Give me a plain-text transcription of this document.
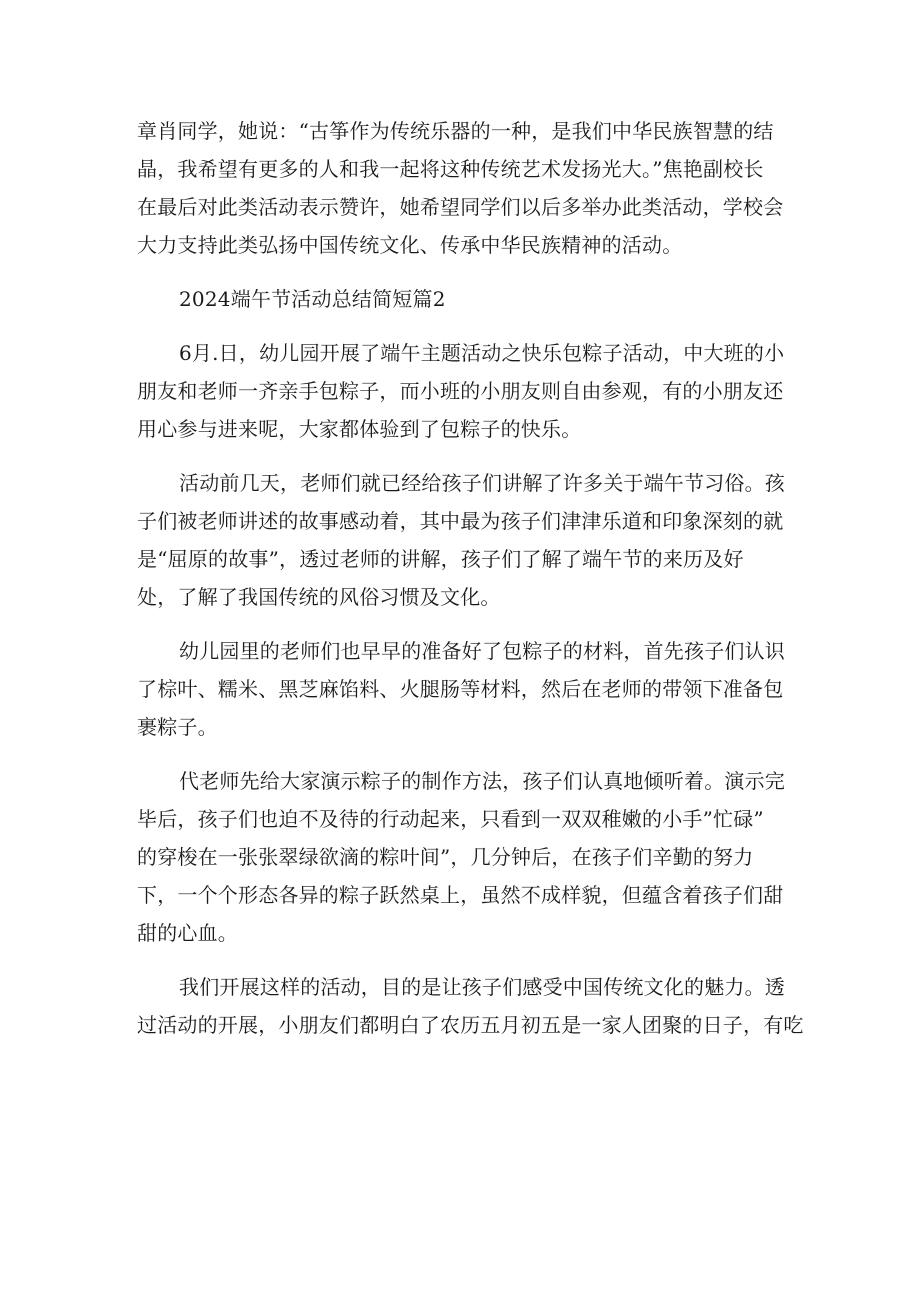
章肖同学，她说：“古筝作为传统乐器的一种，是我们中华民族智慧的结
晶，我希望有更多的人和我一起将这种传统艺术发扬光大。”焦艳副校长
在最后对此类活动表示赞许，她希望同学们以后多举办此类活动，学校会
大力支持此类弘扬中国传统文化、传承中华民族精神的活动。
2024端午节活动总结简短篇2
6月.日，幼儿园开展了端午主题活动之快乐包粽子活动，中大班的小
朋友和老师一齐亲手包粽子，而小班的小朋友则自由参观，有的小朋友还
用心参与进来呢，大家都体验到了包粽子的快乐。
活动前几天，老师们就已经给孩子们讲解了许多关于端午节习俗。孩
子们被老师讲述的故事感动着，其中最为孩子们津津乐道和印象深刻的就
是“屈原的故事”，透过老师的讲解，孩子们了解了端午节的来历及好
处，了解了我国传统的风俗习惯及文化。
幼儿园里的老师们也早早的准备好了包粽子的材料，首先孩子们认识
了棕叶、糯米、黑芝麻馅料、火腿肠等材料，然后在老师的带领下准备包
裹粽子。
代老师先给大家演示粽子的制作方法，孩子们认真地倾听着。演示完
毕后，孩子们也迫不及待的行动起来，只看到一双双稚嫩的小手”忙碌”
的穿梭在一张张翠绿欲滴的粽叶间”，几分钟后，在孩子们辛勤的努力
下，一个个形态各异的粽子跃然桌上，虽然不成样貌，但蕴含着孩子们甜
甜的心血。
我们开展这样的活动，目的是让孩子们感受中国传统文化的魅力。透
过活动的开展，小朋友们都明白了农历五月初五是一家人团聚的日子，有吃
